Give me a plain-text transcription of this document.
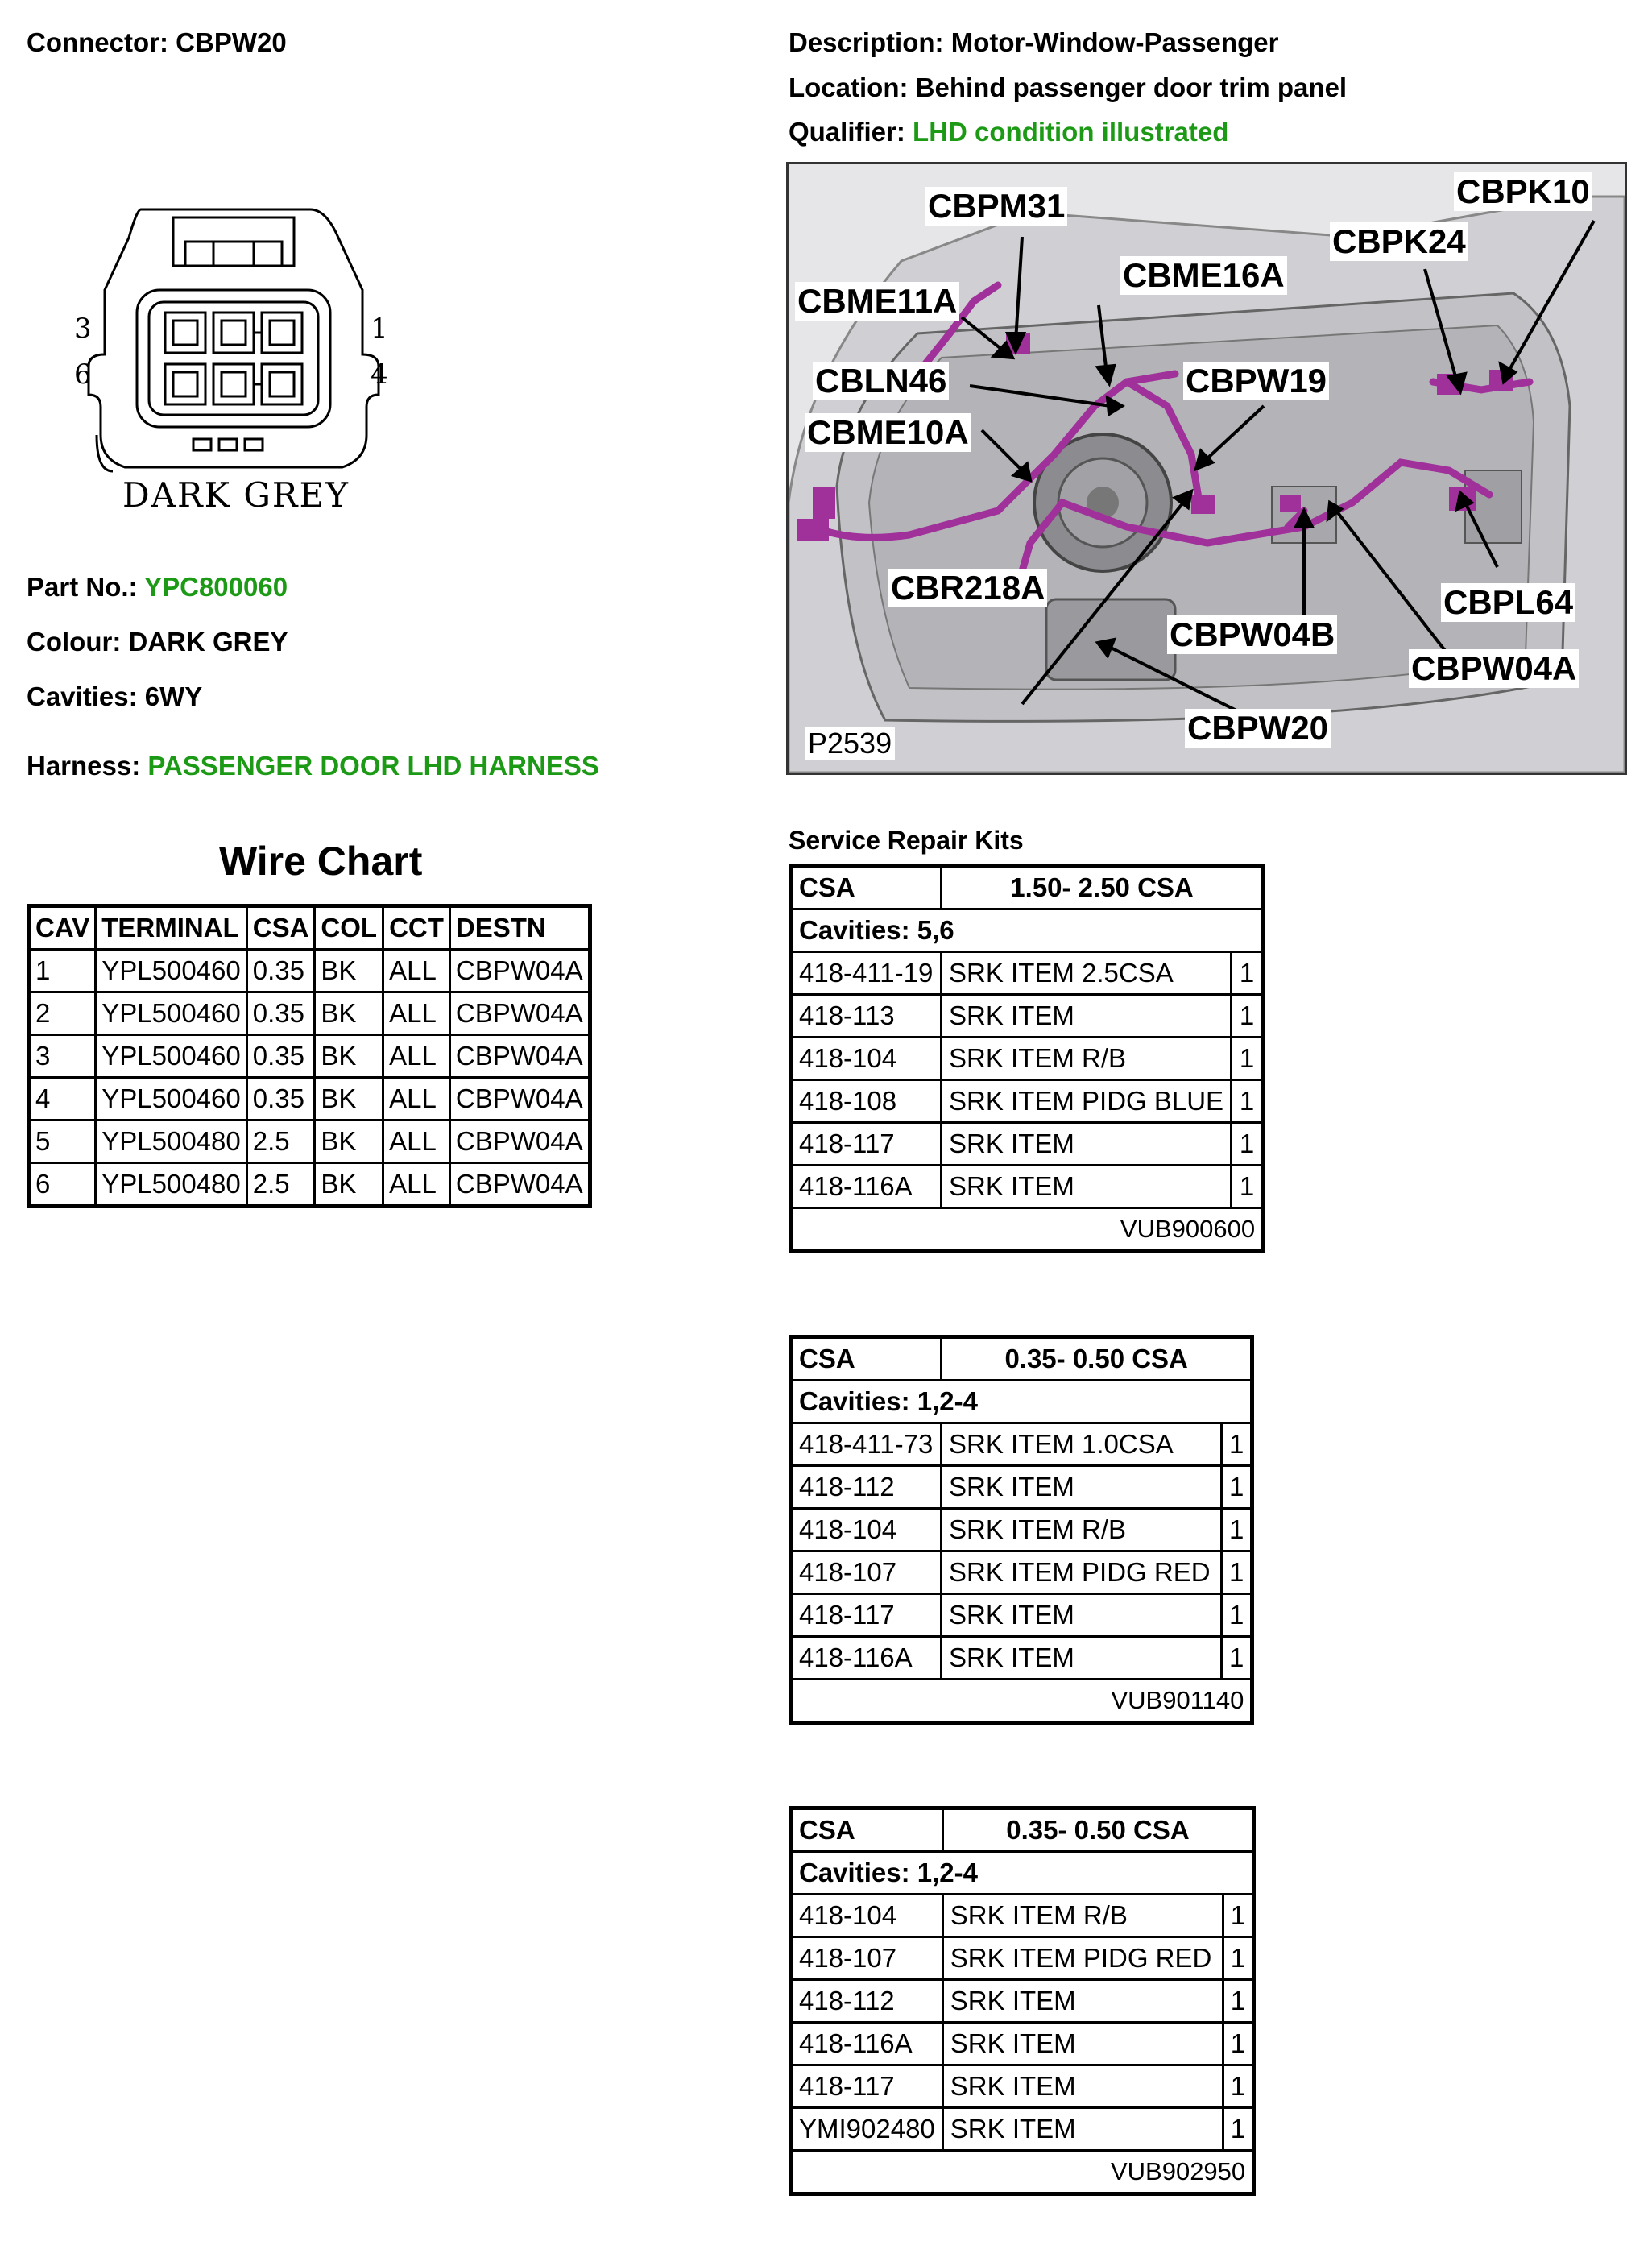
Connector: CBPW20	Description: Motor-Window-Passenger
Location: Behind passenger door trim panel
Qualifier: LHD condition illustrated
3
6
1
4
DARK GREY
Part No.: YPC800060
Colour: DARK GREY
Cavities: 6WY
Harness: PASSENGER DOOR LHD HARNESS
CBPM31	CBPK10
CBPK24
CBME16A
CBME11A
CBLN46	CBPW19
CBME10A
CBR218A	CBPL64
CBPW04B
CBPW04A
CBPW20
P2539
Wire Chart
CAV	TERMINAL	CSA	COL	CCT	DESTN
1	YPL500460	0.35	BK	ALL	CBPW04A
2	YPL500460	0.35	BK	ALL	CBPW04A
3	YPL500460	0.35	BK	ALL	CBPW04A
4	YPL500460	0.35	BK	ALL	CBPW04A
5	YPL500480	2.5	BK	ALL	CBPW04A
6	YPL500480	2.5	BK	ALL	CBPW04A
Service Repair Kits
CSA	1.50- 2.50 CSA	
Cavities: 5,6		
418-411-19	SRK ITEM 2.5CSA	1
418-113	SRK ITEM	1
418-104	SRK ITEM R/B	1
418-108	SRK ITEM PIDG BLUE	1
418-117	SRK ITEM	1
418-116A	SRK ITEM	1
VUB900600		
CSA	0.35- 0.50 CSA	
Cavities: 1,2-4		
418-411-73	SRK ITEM 1.0CSA	1
418-112	SRK ITEM	1
418-104	SRK ITEM R/B	1
418-107	SRK ITEM PIDG RED	1
418-117	SRK ITEM	1
418-116A	SRK ITEM	1
VUB901140		
CSA	0.35- 0.50 CSA	
Cavities: 1,2-4		
418-104	SRK ITEM R/B	1
418-107	SRK ITEM PIDG RED	1
418-112	SRK ITEM	1
418-116A	SRK ITEM	1
418-117	SRK ITEM	1
YMI902480	SRK ITEM	1
VUB902950		
